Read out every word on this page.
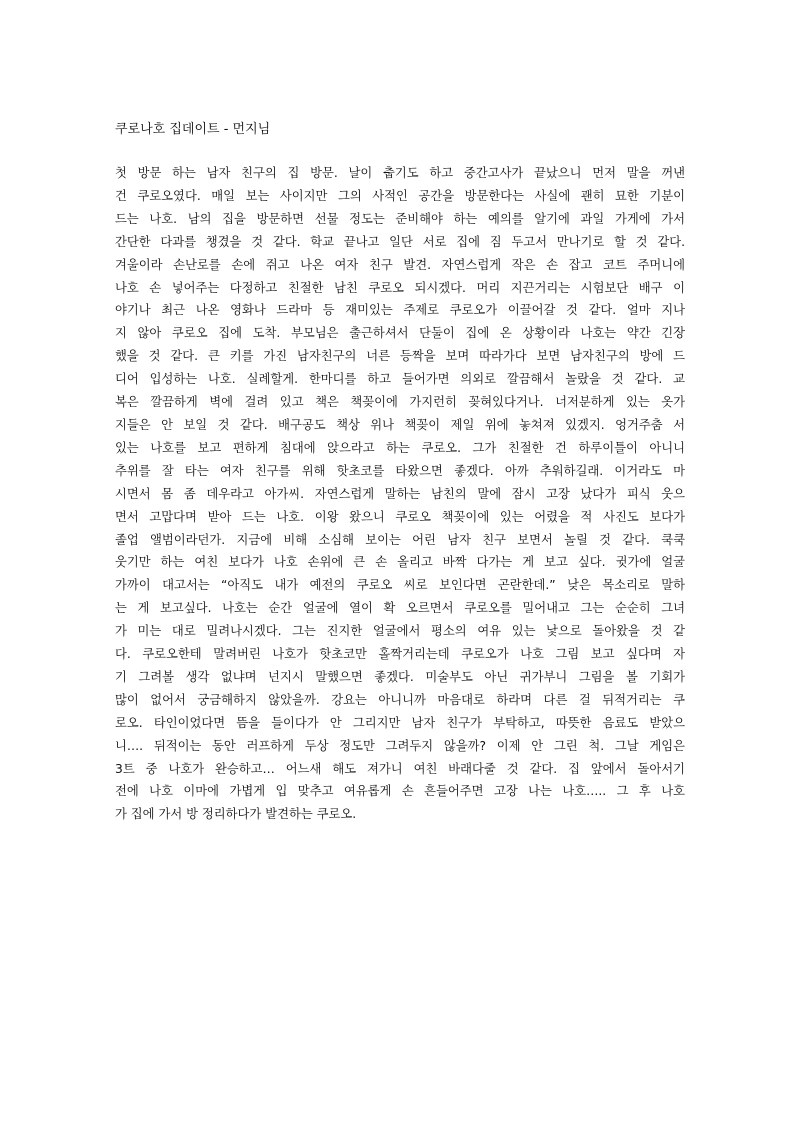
쿠로나호 집데이트 - 먼지님
첫 방문 하는 남자 친구의 집 방문. 날이 춥기도 하고 중간고사가 끝났으니 먼저 말을 꺼낸
건 쿠로오였다. 매일 보는 사이지만 그의 사적인 공간을 방문한다는 사실에 괜히 묘한 기분이
드는 나호. 남의 집을 방문하면 선물 정도는 준비해야 하는 예의를 알기에 과일 가게에 가서
간단한 다과를 챙겼을 것 같다. 학교 끝나고 일단 서로 집에 짐 두고서 만나기로 할 것 같다.
겨울이라 손난로를 손에 쥐고 나온 여자 친구 발견. 자연스럽게 작은 손 잡고 코트 주머니에
나호 손 넣어주는 다정하고 친절한 남친 쿠로오 되시겠다. 머리 지끈거리는 시험보단 배구 이
야기나 최근 나온 영화나 드라마 등 재미있는 주제로 쿠로오가 이끌어갈 것 같다. 얼마 지나
지 않아 쿠로오 집에 도착. 부모님은 출근하셔서 단둘이 집에 온 상황이라 나호는 약간 긴장
했을 것 같다. 큰 키를 가진 남자친구의 너른 등짝을 보며 따라가다 보면 남자친구의 방에 드
디어 입성하는 나호. 실례할게. 한마디를 하고 들어가면 의외로 깔끔해서 놀랐을 것 같다. 교
복은 깔끔하게 벽에 걸려 있고 책은 책꽂이에 가지런히 꽂혀있다거나. 너저분하게 있는 옷가
지들은 안 보일 것 같다. 배구공도 책상 위나 책꽂이 제일 위에 놓쳐져 있겠지. 엉거주춤 서
있는 나호를 보고 편하게 침대에 앉으라고 하는 쿠로오. 그가 친절한 건 하루이틀이 아니니
추위를 잘 타는 여자 친구를 위해 핫초코를 타왔으면 좋겠다. 아까 추워하길래. 이거라도 마
시면서 몸 좀 데우라고 아가씨. 자연스럽게 말하는 남친의 말에 잠시 고장 났다가 피식 웃으
면서 고맙다며 받아 드는 나호. 이왕 왔으니 쿠로오 책꽂이에 있는 어렸을 적 사진도 보다가
졸업 앨범이라던가. 지금에 비해 소심해 보이는 어린 남자 친구 보면서 놀릴 것 같다. 쿡쿡
웃기만 하는 여친 보다가 나호 손위에 큰 손 올리고 바짝 다가는 게 보고 싶다. 귓가에 얼굴
가까이 대고서는 “아직도 내가 예전의 쿠로오 씨로 보인다면 곤란한데.” 낮은 목소리로 말하
는 게 보고싶다. 나호는 순간 얼굴에 열이 확 오르면서 쿠로오를 밀어내고 그는 순순히 그녀
가 미는 대로 밀려나시겠다. 그는 진지한 얼굴에서 평소의 여유 있는 낯으로 돌아왔을 것 같
다. 쿠로오한테 말려버린 나호가 핫초코만 홀짝거리는데 쿠로오가 나호 그림 보고 싶다며 자
기 그려볼 생각 없냐며 넌지시 말했으면 좋겠다. 미술부도 아닌 귀가부니 그림을 볼 기회가
많이 없어서 궁금해하지 않았을까. 강요는 아니니까 마음대로 하라며 다른 걸 뒤적거리는 쿠
로오. 타인이었다면 뜸을 들이다가 안 그리지만 남자 친구가 부탁하고, 따뜻한 음료도 받았으
니…. 뒤적이는 동안 러프하게 두상 정도만 그려두지 않을까? 이제 안 그린 척. 그날 게임은
3트 중 나호가 완승하고… 어느새 해도 져가니 여친 바래다줄 것 같다. 집 앞에서 돌아서기
전에 나호 이마에 가볍게 입 맞추고 여유롭게 손 흔들어주면 고장 나는 나호….. 그 후 나호
가 집에 가서 방 정리하다가 발견하는 쿠로오.
